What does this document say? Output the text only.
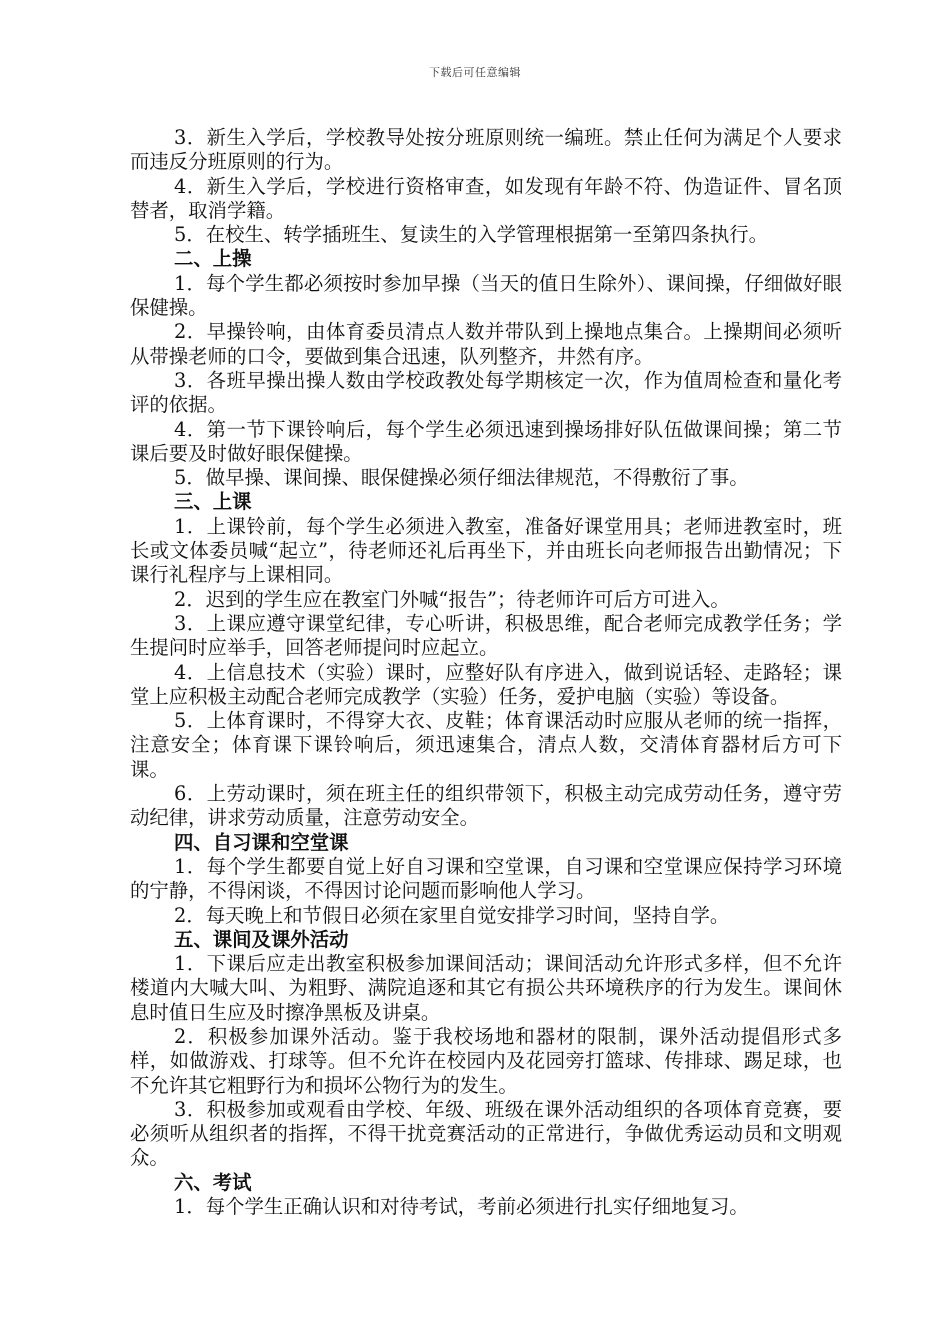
下载后可任意编辑

3．新生入学后，学校教导处按分班原则统一编班。禁止任何为满足个人要求而违反分班原则的行为。

4．新生入学后，学校进行资格审查，如发现有年龄不符、伪造证件、冒名顶替者，取消学籍。

5．在校生、转学插班生、复读生的入学管理根据第一至第四条执行。

二、上操

1．每个学生都必须按时参加早操（当天的值日生除外）、课间操，仔细做好眼保健操。

2．早操铃响，由体育委员清点人数并带队到上操地点集合。上操期间必须听从带操老师的口令，要做到集合迅速，队列整齐，井然有序。

3．各班早操出操人数由学校政教处每学期核定一次，作为值周检查和量化考评的依据。

4．第一节下课铃响后，每个学生必须迅速到操场排好队伍做课间操；第二节课后要及时做好眼保健操。

5．做早操、课间操、眼保健操必须仔细法律规范，不得敷衍了事。

三、上课

1．上课铃前，每个学生必须进入教室，准备好课堂用具；老师进教室时，班长或文体委员喊“起立”，待老师还礼后再坐下，并由班长向老师报告出勤情况；下课行礼程序与上课相同。

2．迟到的学生应在教室门外喊“报告”；待老师许可后方可进入。

3．上课应遵守课堂纪律，专心听讲，积极思维，配合老师完成教学任务；学生提问时应举手，回答老师提问时应起立。

4．上信息技术（实验）课时，应整好队有序进入，做到说话轻、走路轻；课堂上应积极主动配合老师完成教学（实验）任务，爱护电脑（实验）等设备。

5．上体育课时，不得穿大衣、皮鞋；体育课活动时应服从老师的统一指挥，注意安全；体育课下课铃响后，须迅速集合，清点人数，交清体育器材后方可下课。

6．上劳动课时，须在班主任的组织带领下，积极主动完成劳动任务，遵守劳动纪律，讲求劳动质量，注意劳动安全。

四、自习课和空堂课

1．每个学生都要自觉上好自习课和空堂课，自习课和空堂课应保持学习环境的宁静，不得闲谈，不得因讨论问题而影响他人学习。

2．每天晚上和节假日必须在家里自觉安排学习时间，坚持自学。

五、课间及课外活动

1．下课后应走出教室积极参加课间活动；课间活动允许形式多样，但不允许楼道内大喊大叫、为粗野、满院追逐和其它有损公共环境秩序的行为发生。课间休息时值日生应及时擦净黑板及讲桌。

2．积极参加课外活动。鉴于我校场地和器材的限制，课外活动提倡形式多样，如做游戏、打球等。但不允许在校园内及花园旁打篮球、传排球、踢足球，也不允许其它粗野行为和损坏公物行为的发生。

3．积极参加或观看由学校、年级、班级在课外活动组织的各项体育竞赛，要必须听从组织者的指挥，不得干扰竞赛活动的正常进行，争做优秀运动员和文明观众。

六、考试

1．每个学生正确认识和对待考试，考前必须进行扎实仔细地复习。
